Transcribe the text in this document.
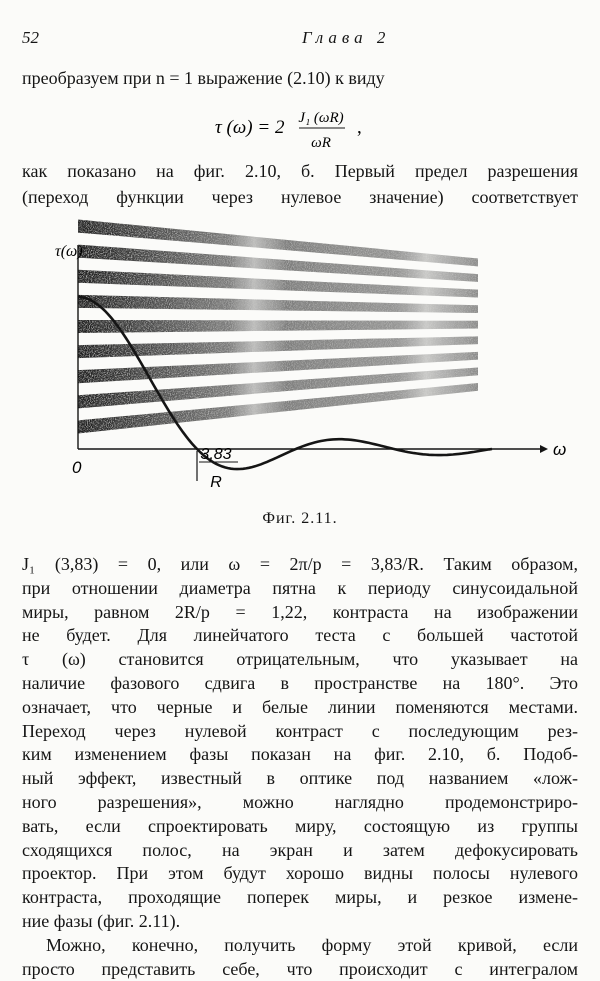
52	Глава 2
преобразуем при n = 1 выражение (2.10) к виду
τ (ω) = 2 J₁ (ωR)
ωR
,
как показано на фиг. 2.10, б. Первый предел разрешения
(переход функции через нулевое значение) соответствует
τ(ω)
ω
0
3,83
R
Фиг. 2.11.

J₁ (3,83) = 0, или ω = 2π/p = 3,83/R. Таким образом,

при отношении диаметра пятна к периоду синусоидальной

миры, равном 2R/p = 1,22, контраста на изображении

не будет. Для линейчатого теста с большей частотой

τ (ω) становится отрицательным, что указывает на

наличие фазового сдвига в пространстве на 180°. Это

означает, что черные и белые линии поменяются местами.

Переход через нулевой контраст с последующим рез-

ким изменением фазы показан на фиг. 2.10, б. Подоб-

ный эффект, известный в оптике под названием «лож-

ного разрешения», можно наглядно продемонстриро-

вать, если спроектировать миру, состоящую из группы

сходящихся полос, на экран и затем дефокусировать

проектор. При этом будут хорошо видны полосы нулевого

контраста, проходящие поперек миры, и резкое измене-

ние фазы (фиг. 2.11).

Можно, конечно, получить форму этой кривой, если

просто представить себе, что происходит с интегралом
